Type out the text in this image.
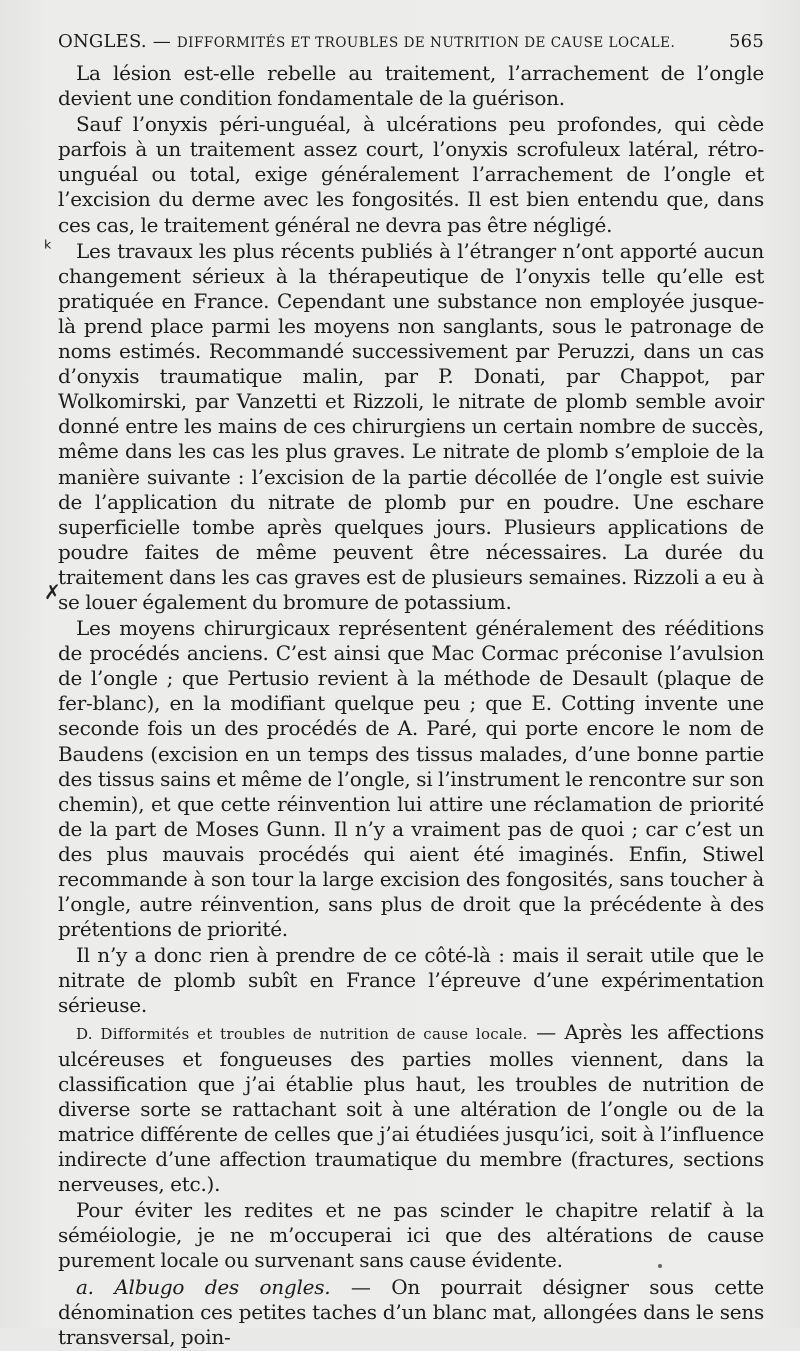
ONGLES. — DIFFORMITÉS ET TROUBLES DE NUTRITION DE CAUSE LOCALE.	565
ᵏ
✗

La lésion est-elle rebelle au traitement, l’arrachement de l’ongle devient une condition fondamentale de la guérison.

Sauf l’onyxis péri-unguéal, à ulcérations peu profondes, qui cède parfois à un traitement assez court, l’onyxis scrofuleux latéral, rétro-unguéal ou total, exige généralement l’arrachement de l’ongle et l’excision du derme avec les fongosités. Il est bien entendu que, dans ces cas, le traitement général ne devra pas être négligé.

Les travaux les plus récents publiés à l’étranger n’ont apporté aucun changement sérieux à la thérapeutique de l’onyxis telle qu’elle est pratiquée en France. Cependant une substance non employée jusque-là prend place parmi les moyens non sanglants, sous le patronage de noms estimés. Recommandé successivement par Peruzzi, dans un cas d’onyxis traumatique malin, par P. Donati, par Chappot, par Wolkomirski, par Vanzetti et Rizzoli, le nitrate de plomb semble avoir donné entre les mains de ces chirurgiens un certain nombre de succès, même dans les cas les plus graves. Le nitrate de plomb s’emploie de la manière suivante : l’excision de la partie décollée de l’ongle est suivie de l’application du nitrate de plomb pur en poudre. Une eschare superficielle tombe après quelques jours. Plusieurs applications de poudre faites de même peuvent être nécessaires. La durée du traitement dans les cas graves est de plusieurs semaines. Rizzoli a eu à se louer également du bromure de potassium.

Les moyens chirurgicaux représentent généralement des rééditions de procédés anciens. C’est ainsi que Mac Cormac préconise l’avulsion de l’ongle ; que Pertusio revient à la méthode de Desault (plaque de fer-blanc), en la modifiant quelque peu ; que E. Cotting invente une seconde fois un des procédés de A. Paré, qui porte encore le nom de Baudens (excision en un temps des tissus malades, d’une bonne partie des tissus sains et même de l’ongle, si l’instrument le rencontre sur son chemin), et que cette réinvention lui attire une réclamation de priorité de la part de Moses Gunn. Il n’y a vraiment pas de quoi ; car c’est un des plus mauvais procédés qui aient été imaginés. Enfin, Stiwel recommande à son tour la large excision des fongosités, sans toucher à l’ongle, autre réinvention, sans plus de droit que la précédente à des prétentions de priorité.

Il n’y a donc rien à prendre de ce côté-là : mais il serait utile que le nitrate de plomb subît en France l’épreuve d’une expérimentation sérieuse.

D. Difformités et troubles de nutrition de cause locale. — Après les affections ulcéreuses et fongueuses des parties molles viennent, dans la classification que j’ai établie plus haut, les troubles de nutrition de diverse sorte se rattachant soit à une altération de l’ongle ou de la matrice différente de celles que j’ai étudiées jusqu’ici, soit à l’influence indirecte d’une affection traumatique du membre (fractures, sections nerveuses, etc.).

Pour éviter les redites et ne pas scinder le chapitre relatif à la séméiologie, je ne m’occuperai ici que des altérations de cause purement locale ou survenant sans cause évidente.

a. Albugo des ongles. — On pourrait désigner sous cette dénomination ces petites taches d’un blanc mat, allongées dans le sens transversal, poin-
